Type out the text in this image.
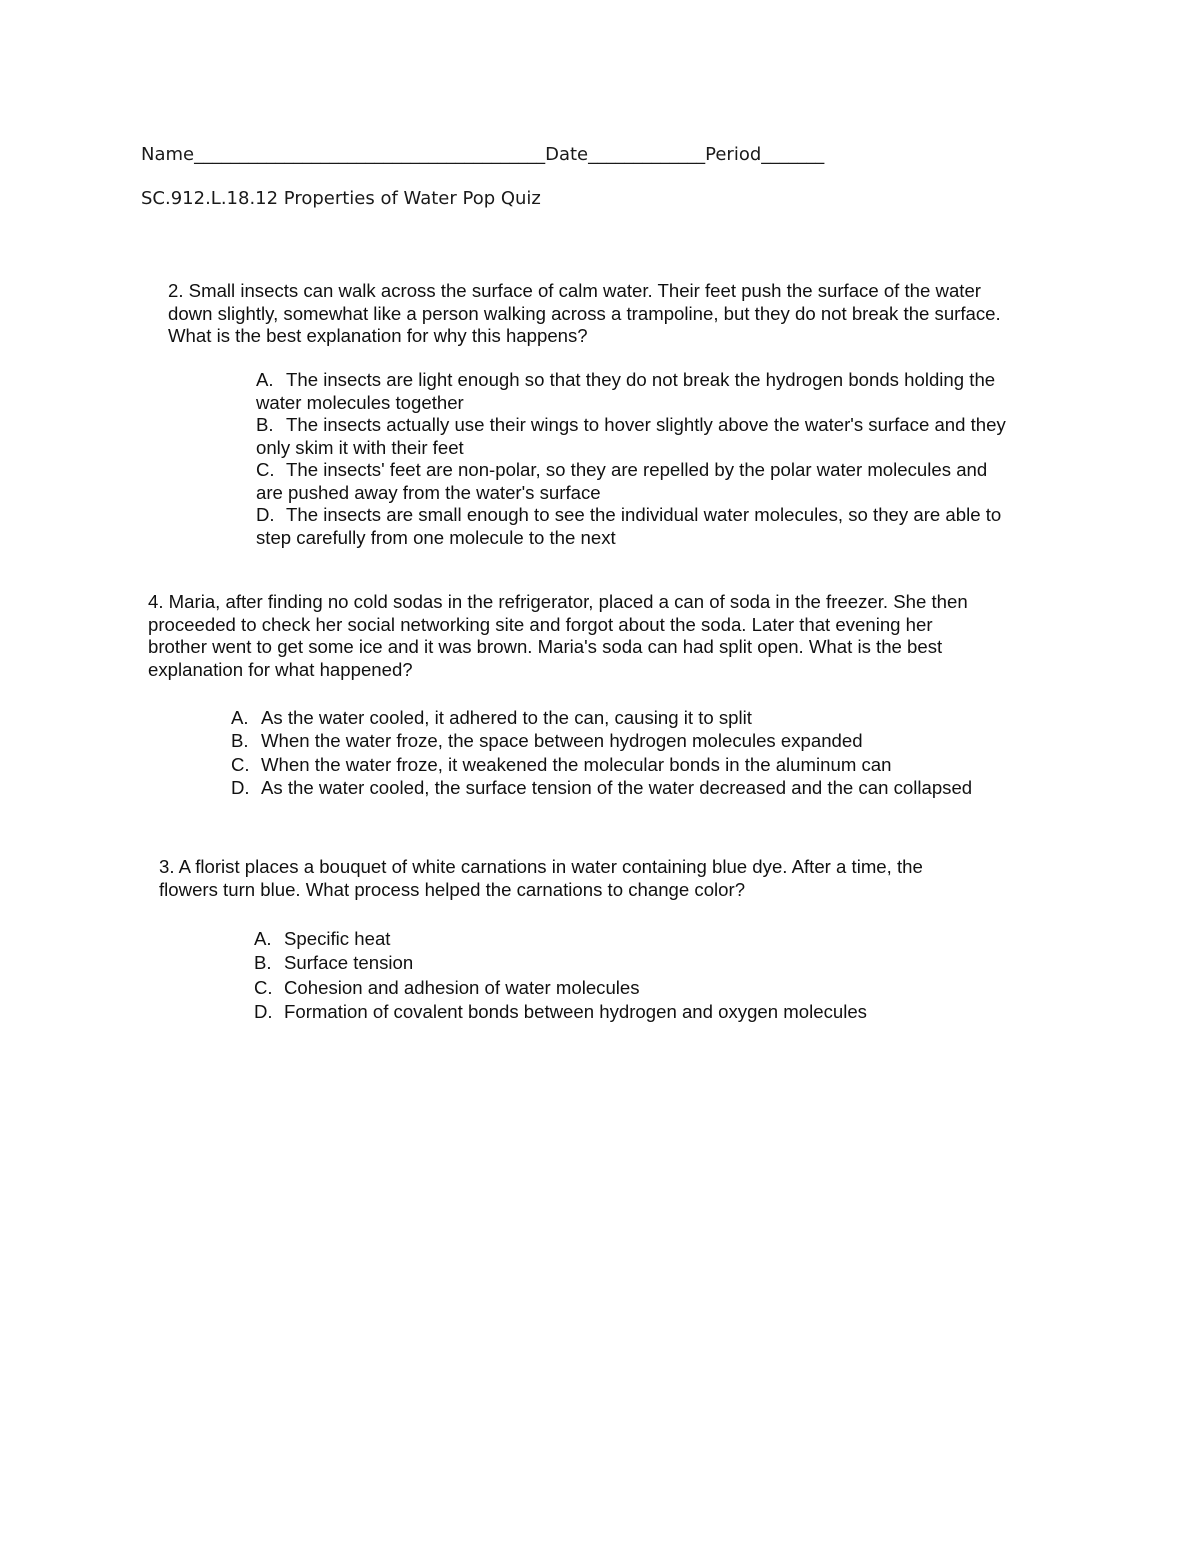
Name_______________________________________Date_____________Period_______
SC.912.L.18.12 Properties of Water Pop Quiz
2. Small insects can walk across the surface of calm water. Their feet push the surface of the water
down slightly, somewhat like a person walking across a trampoline, but they do not break the surface.
What is the best explanation for why this happens?
A. The insects are light enough so that they do not break the hydrogen bonds holding the
water molecules together
B. The insects actually use their wings to hover slightly above the water's surface and they
only skim it with their feet
C. The insects' feet are non-polar, so they are repelled by the polar water molecules and
are pushed away from the water's surface
D. The insects are small enough to see the individual water molecules, so they are able to
step carefully from one molecule to the next
4. Maria, after finding no cold sodas in the refrigerator, placed a can of soda in the freezer. She then
proceeded to check her social networking site and forgot about the soda. Later that evening her
brother went to get some ice and it was brown. Maria's soda can had split open. What is the best
explanation for what happened?
A. As the water cooled, it adhered to the can, causing it to split
B. When the water froze, the space between hydrogen molecules expanded
C. When the water froze, it weakened the molecular bonds in the aluminum can
D. As the water cooled, the surface tension of the water decreased and the can collapsed
3. A florist places a bouquet of white carnations in water containing blue dye. After a time, the
flowers turn blue. What process helped the carnations to change color?
A. Specific heat
B. Surface tension
C. Cohesion and adhesion of water molecules
D. Formation of covalent bonds between hydrogen and oxygen molecules
